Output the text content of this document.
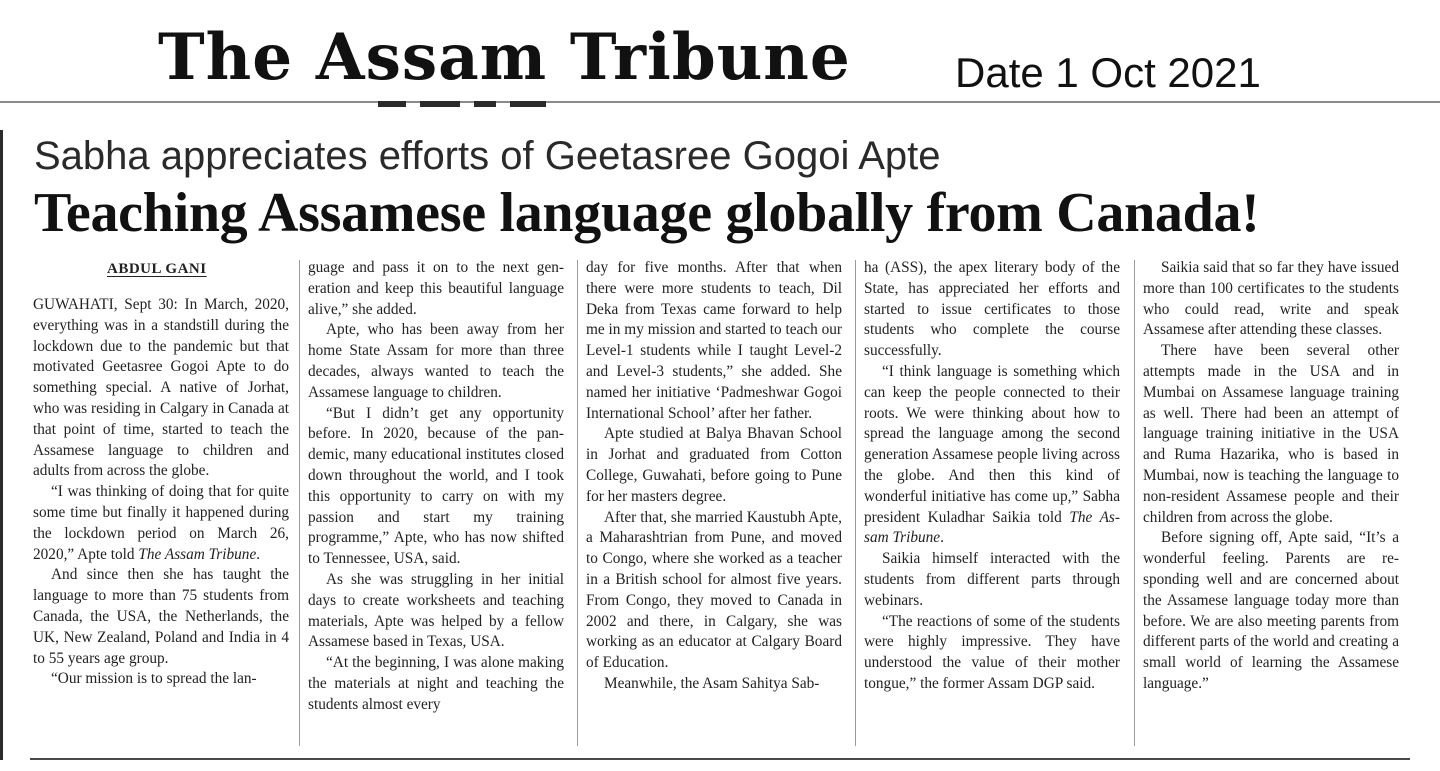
The Assam Tribune Date 1 Oct 2021
Sabha appreciates efforts of Geetasree Gogoi Apte
Teaching Assamese language globally from Canada!
ABDUL GANI

GUWAHATI, Sept 30: In March, 2020, everything was in a standstill during the lockdown due to the pandemic but that motivated Geetasree Gogoi Apte to do something special. A native of Jorhat, who was residing in Calgary in Canada at that point of time, started to teach the Assamese language to children and adults from across the globe.

“I was thinking of doing that for quite some time but finally it happened during the lockdown period on March 26, 2020,” Apte told The Assam Tribune.

And since then she has taught the language to more than 75 students from Canada, the USA, the Netherlands, the UK, New Zealand, Poland and India in 4 to 55 years age group.

“Our mission is to spread the lan-

guage and pass it on to the next generation and keep this beautiful language alive,” she added.

Apte, who has been away from her home State Assam for more than three decades, always wanted to teach the Assamese language to children.

“But I didn’t get any opportunity before. In 2020, because of the pandemic, many educational institutes closed down throughout the world, and I took this opportunity to carry on with my passion and start my training programme,” Apte, who has now shifted to Tennessee, USA, said.

As she was struggling in her initial days to create worksheets and teaching materials, Apte was helped by a fellow Assamese based in Texas, USA.

“At the beginning, I was alone making the materials at night and teaching the students almost every

day for five months. After that when there were more students to teach, Dil Deka from Texas came forward to help me in my mission and started to teach our Level-1 students while I taught Level-2 and Level-3 students,” she added. She named her initiative ‘Padmeshwar Gogoi International School’ after her father.

Apte studied at Balya Bhavan School in Jorhat and graduated from Cotton College, Guwahati, before going to Pune for her masters degree.

After that, she married Kaustubh Apte, a Maharashtrian from Pune, and moved to Congo, where she worked as a teacher in a British school for almost five years. From Congo, they moved to Canada in 2002 and there, in Calgary, she was working as an educator at Calgary Board of Education.

Meanwhile, the Asam Sahitya Sab-

ha (ASS), the apex literary body of the State, has appreciated her efforts and started to issue certificates to those students who complete the course successfully.

“I think language is something which can keep the people connected to their roots. We were thinking about how to spread the language among the second generation Assamese people living across the globe. And then this kind of wonderful initiative has come up,” Sabha president Kuladhar Saikia told The Assam Tribune.

Saikia himself interacted with the students from different parts through webinars.

“The reactions of some of the students were highly impressive. They have understood the value of their mother tongue,” the former Assam DGP said.

Saikia said that so far they have issued more than 100 certificates to the students who could read, write and speak Assamese after attending these classes.

There have been several other attempts made in the USA and in Mumbai on Assamese language training as well. There had been an attempt of language training initiative in the USA and Ruma Hazarika, who is based in Mumbai, now is teaching the language to non-resident Assamese people and their children from across the globe.

Before signing off, Apte said, “It’s a wonderful feeling. Parents are responding well and are concerned about the Assamese language today more than before. We are also meeting parents from different parts of the world and creating a small world of learning the Assamese language.”
